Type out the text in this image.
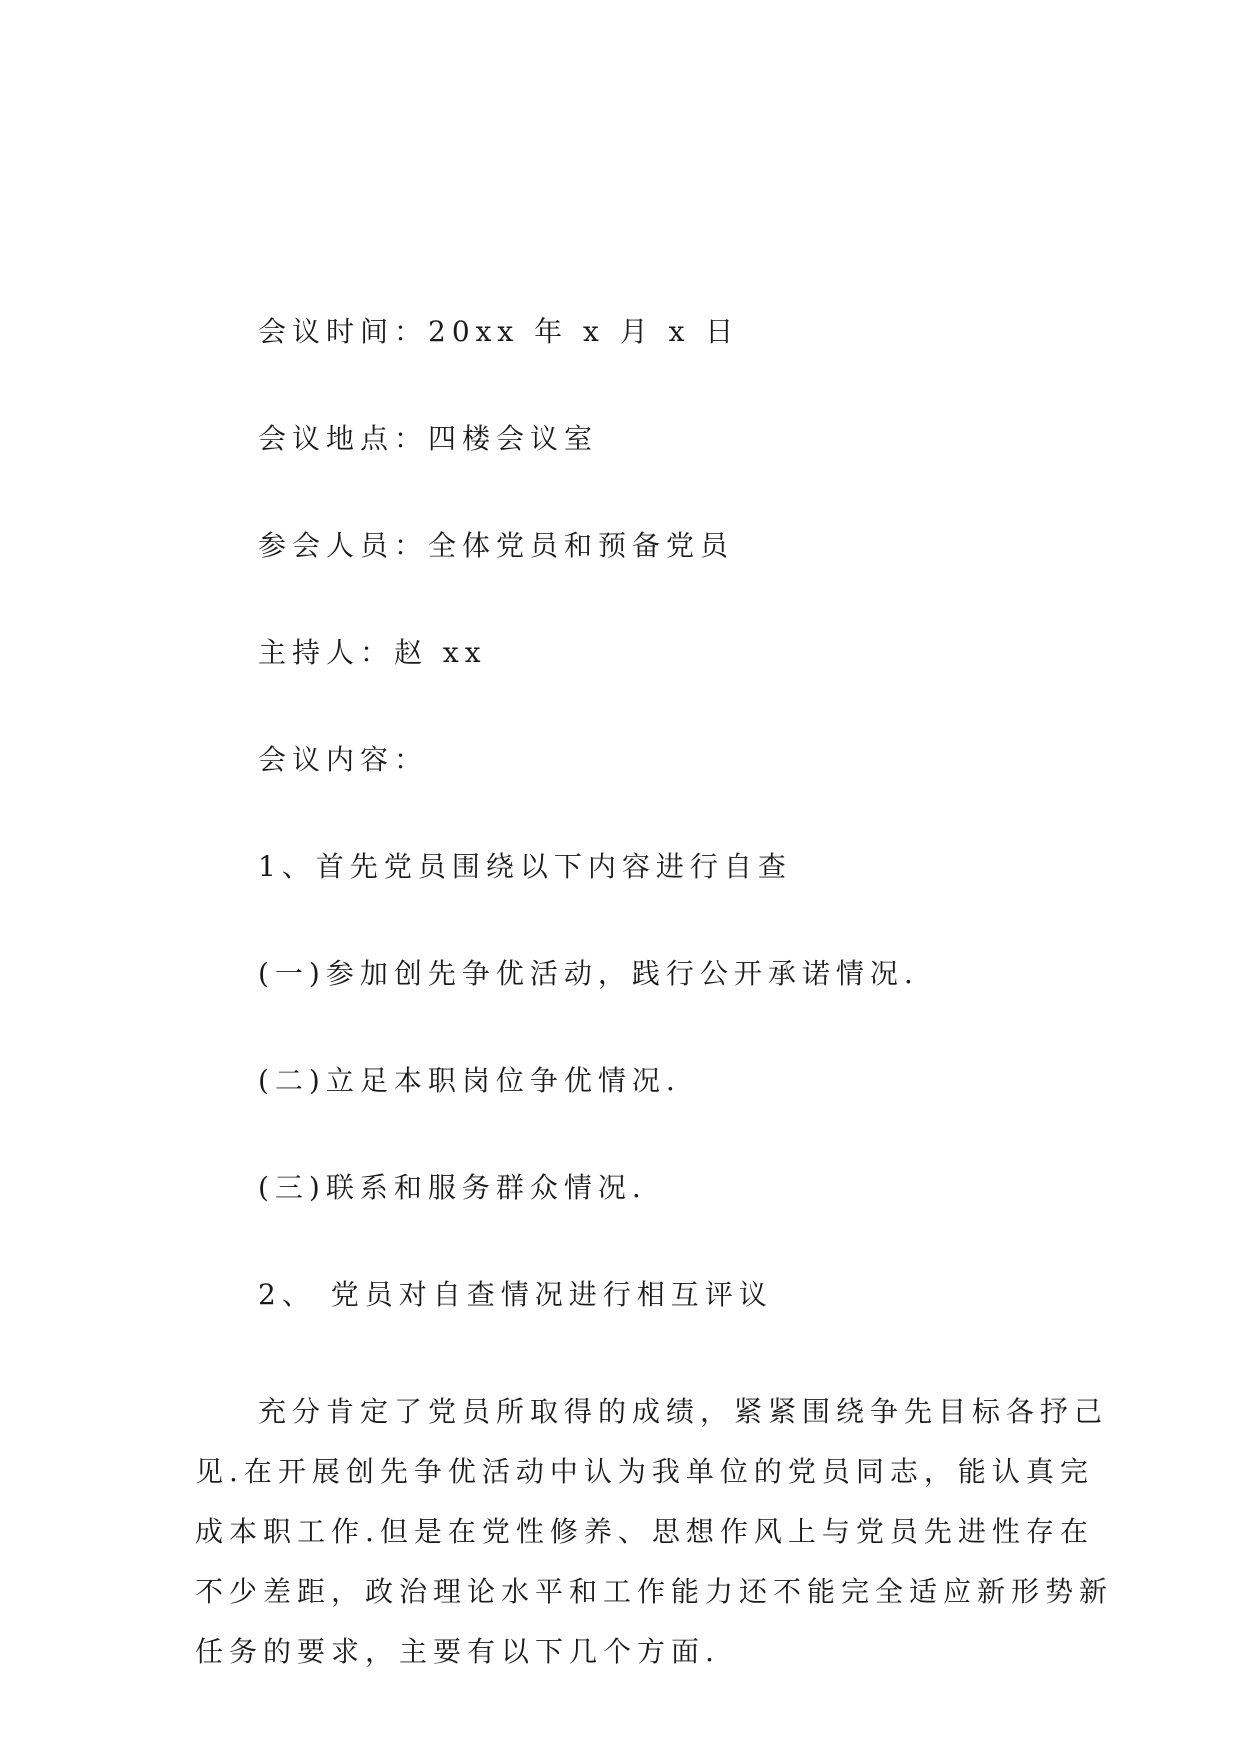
会议时间：20xx 年 x 月 x 日
会议地点：四楼会议室
参会人员：全体党员和预备党员
主持人：赵 xx
会议内容：
1、首先党员围绕以下内容进行自查
(一)参加创先争优活动，践行公开承诺情况.
(二)立足本职岗位争优情况.
(三)联系和服务群众情况.
2、 党员对自查情况进行相互评议

充分肯定了党员所取得的成绩，紧紧围绕争先目标各抒己

见.在开展创先争优活动中认为我单位的党员同志，能认真完

成本职工作.但是在党性修养、思想作风上与党员先进性存在

不少差距，政治理论水平和工作能力还不能完全适应新形势新

任务的要求，主要有以下几个方面.
